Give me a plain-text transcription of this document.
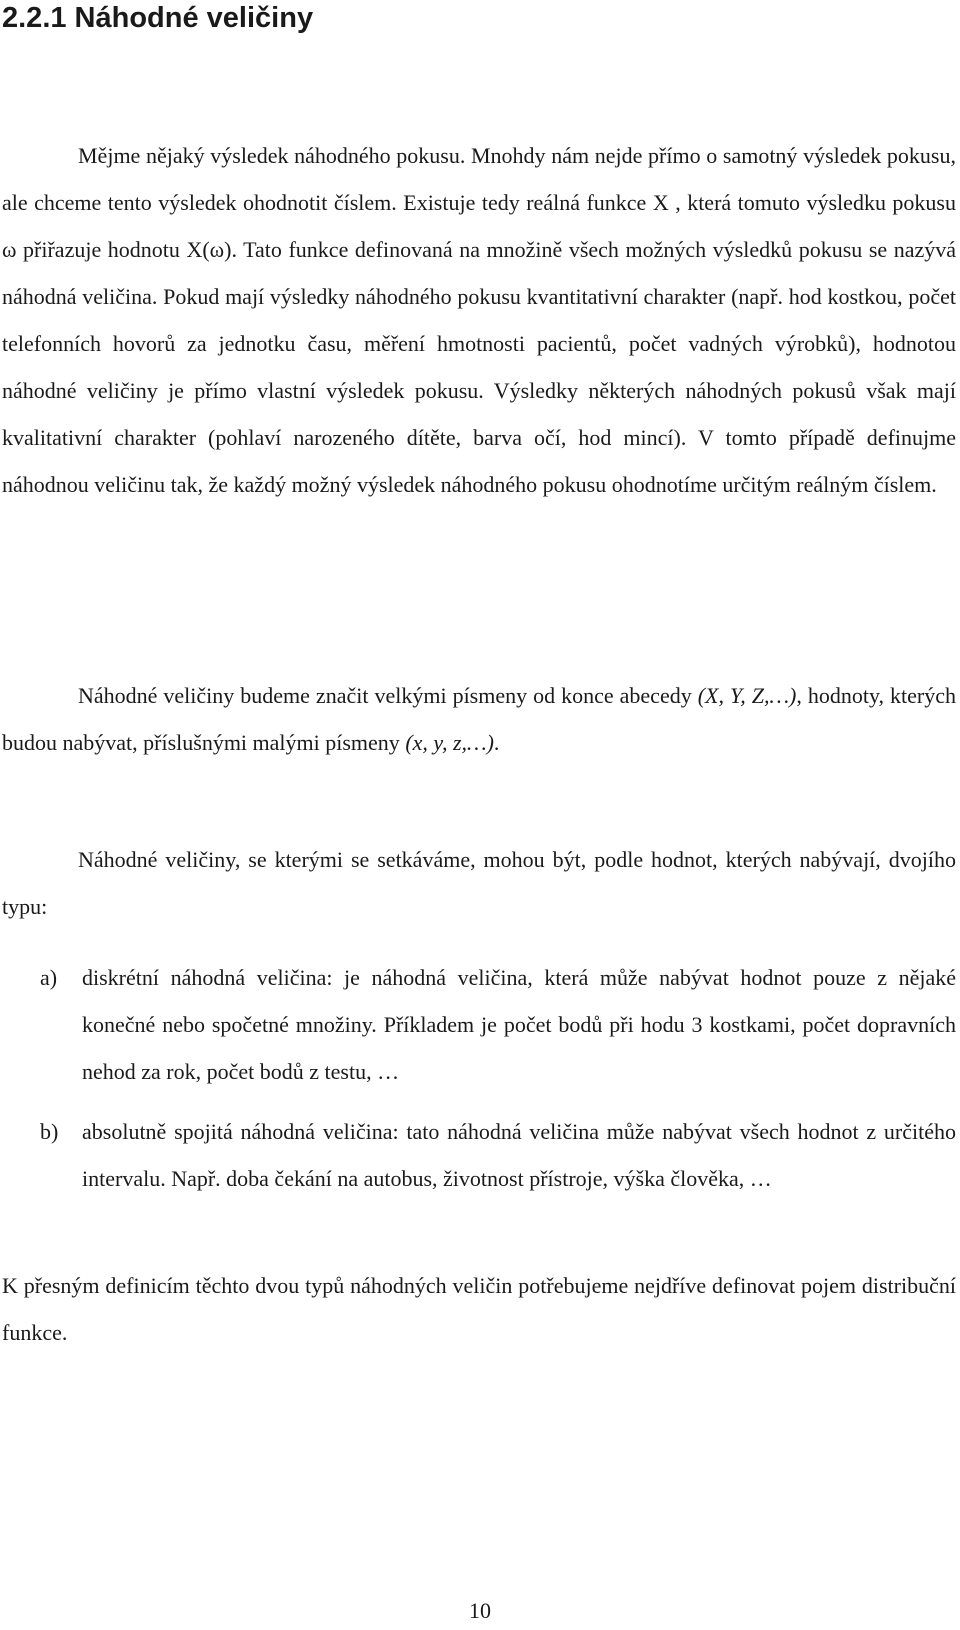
2.2.1 Náhodné veličiny

Mějme nějaký výsledek náhodného pokusu. Mnohdy nám nejde přímo o samotný výsledek pokusu, ale chceme tento výsledek ohodnotit číslem. Existuje tedy reálná funkce X , která tomuto výsledku pokusu ω přiřazuje hodnotu X(ω). Tato funkce definovaná na množině všech možných výsledků pokusu se nazývá náhodná veličina. Pokud mají výsledky náhodného pokusu kvantitativní charakter (např. hod kostkou, počet telefonních hovorů za jednotku času, měření hmotnosti pacientů, počet vadných výrobků), hodnotou náhodné veličiny je přímo vlastní výsledek pokusu. Výsledky některých náhodných pokusů však mají kvalitativní charakter (pohlaví narozeného dítěte, barva očí, hod mincí). V tomto případě definujme náhodnou veličinu tak, že každý možný výsledek náhodného pokusu ohodnotíme určitým reálným číslem.

Náhodné veličiny budeme značit velkými písmeny od konce abecedy (X, Y, Z,…), hodnoty, kterých budou nabývat, příslušnými malými písmeny (x, y, z,…).

Náhodné veličiny, se kterými se setkáváme, mohou být, podle hodnot, kterých nabývají, dvojího typu:

a) diskrétní náhodná veličina: je náhodná veličina, která může nabývat hodnot pouze z nějaké konečné nebo spočetné množiny. Příkladem je počet bodů při hodu 3 kostkami, počet dopravních nehod za rok, počet bodů z testu, …
b) absolutně spojitá náhodná veličina: tato náhodná veličina může nabývat všech hodnot z určitého intervalu. Např. doba čekání na autobus, životnost přístroje, výška člověka, …

K přesným definicím těchto dvou typů náhodných veličin potřebujeme nejdříve definovat pojem distribuční funkce.

10
